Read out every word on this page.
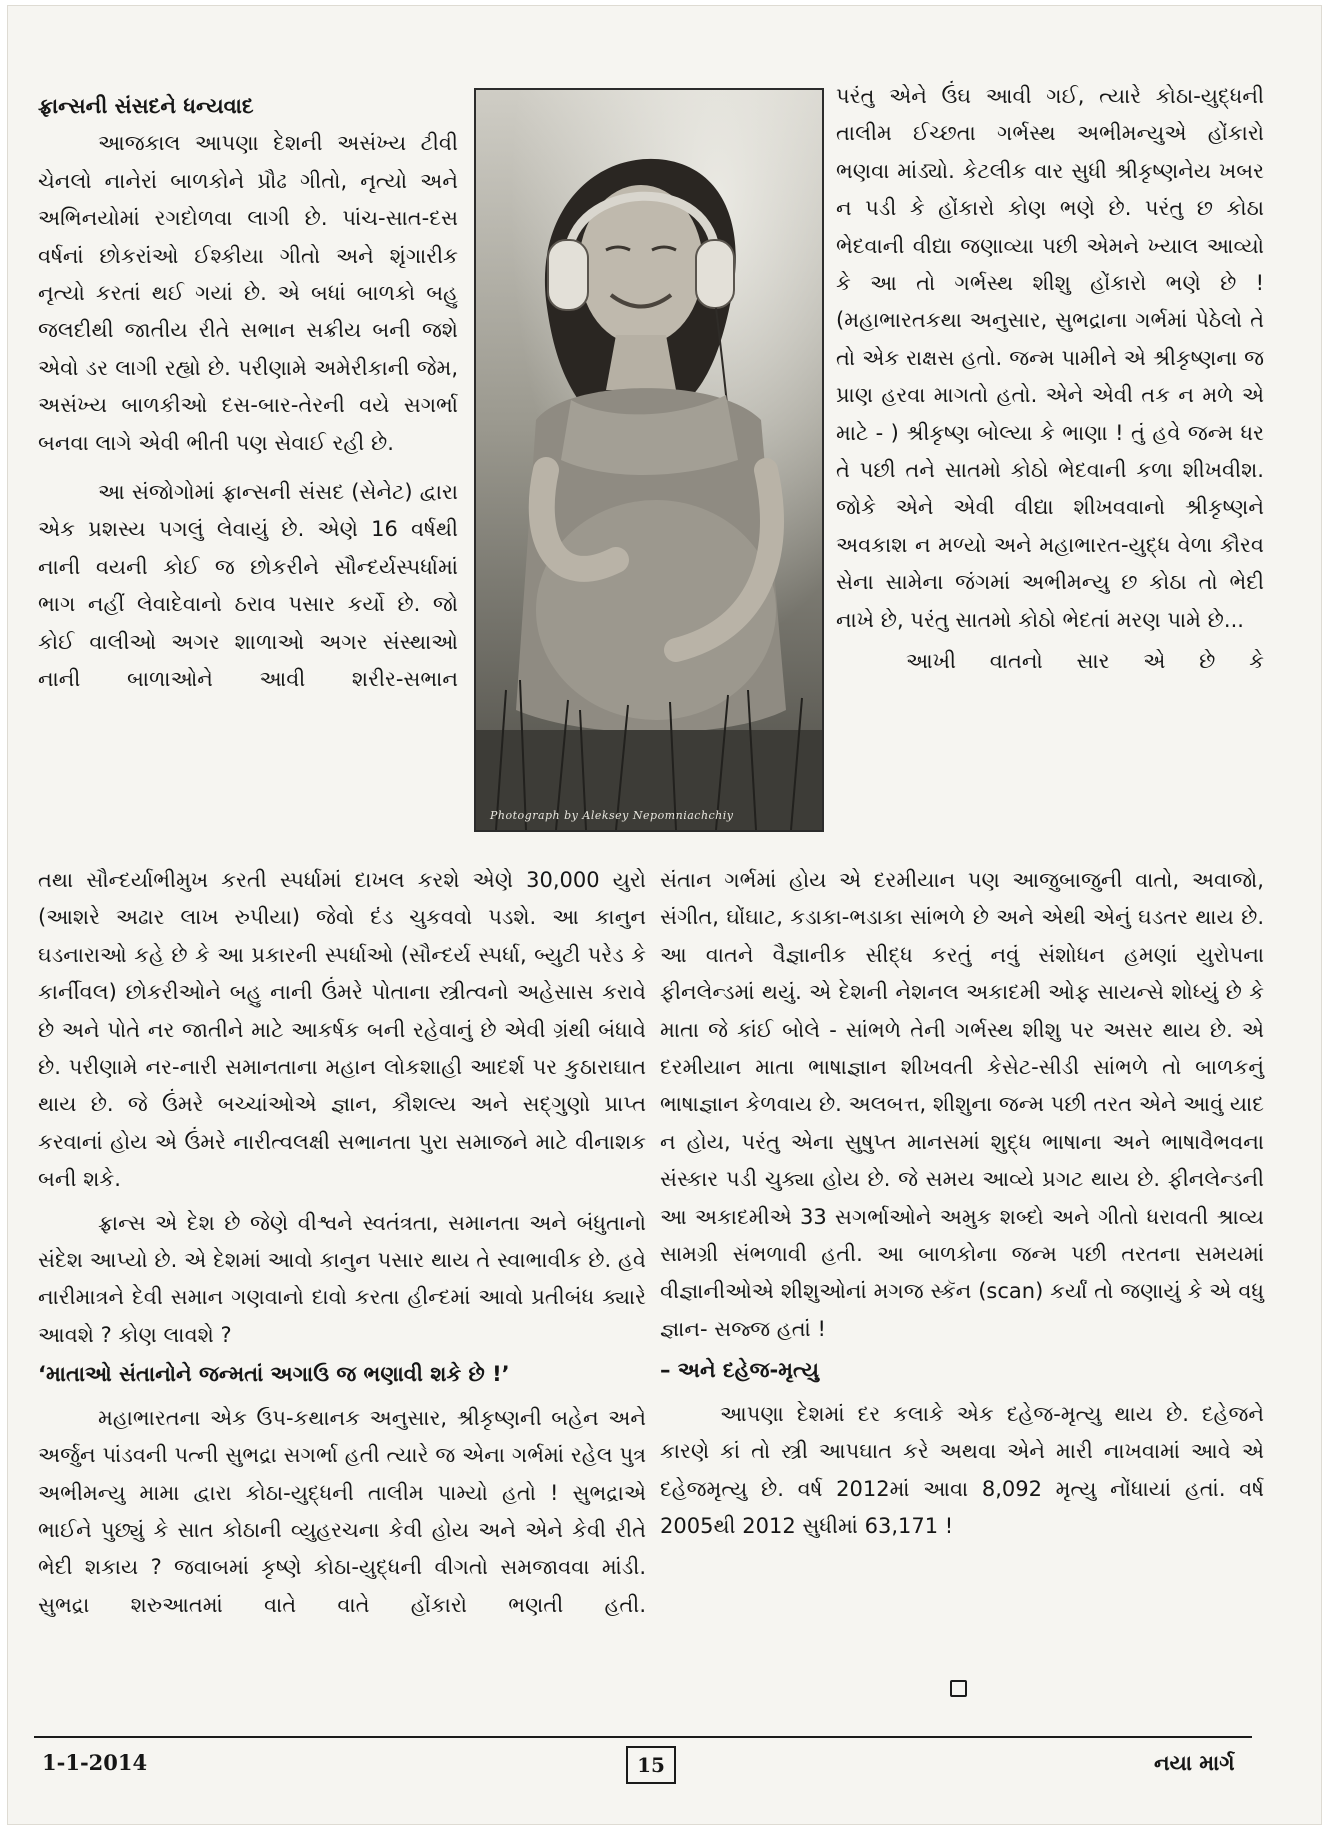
ફ્રાન્સની સંસદને ધન્યવાદ

આજકાલ આપણા દેશની અસંખ્ય ટીવી ચેનલો નાનેરાં બાળકોને પ્રૌઢ ગીતો, નૃત્યો અને અભિનયોમાં રગદોળવા લાગી છે. પાંચ-સાત-દસ વર્ષનાં છોકરાંઓ ઈશ્કીયા ગીતો અને શૃંગારીક નૃત્યો કરતાં થઈ ગયાં છે. એ બધાં બાળકો બહુ જલદીથી જાતીય રીતે સભાન સક્રીય બની જશે એવો ડર લાગી રહ્યો છે. પરીણામે અમેરીકાની જેમ, અસંખ્ય બાળકીઓ દસ-બાર-તેરની વયે સગર્ભા બનવા લાગે એવી ભીતી પણ સેવાઈ રહી છે.

આ સંજોગોમાં ફ્રાન્સની સંસદ (સેનેટ) દ્વારા એક પ્રશસ્ય પગલું લેવાયું છે. એણે 16 વર્ષથી નાની વયની કોઈ જ છોકરીને સૌન્દર્યસ્પર્ધામાં ભાગ નહીં લેવાદેવાનો ઠરાવ પસાર કર્યો છે. જો કોઈ વાલીઓ અગર શાળાઓ અગર સંસ્થાઓ નાની બાળાઓને આવી શરીર-સભાન

Photograph by Aleksey Nepomniachchiy

પરંતુ એને ઉંઘ આવી ગઈ, ત્યારે કોઠા-યુદ્ધની તાલીમ ઈચ્છતા ગર્ભસ્થ અભીમન્યુએ હોંકારો ભણવા માંડ્યો. કેટલીક વાર સુધી શ્રીકૃષ્ણનેય ખબર ન પડી કે હોંકારો કોણ ભણે છે. પરંતુ છ કોઠા ભેદવાની વીદ્યા જણાવ્યા પછી એમને ખ્યાલ આવ્યો કે આ તો ગર્ભસ્થ શીશુ હોંકારો ભણે છે ! (મહાભારતકથા અનુસાર, સુભદ્રાના ગર્ભમાં પેઠેલો તે તો એક રાક્ષસ હતો. જન્મ પામીને એ શ્રીકૃષ્ણના જ પ્રાણ હરવા માગતો હતો. એને એવી તક ન મળે એ માટે - ) શ્રીકૃષ્ણ બોલ્યા કે ભાણા ! તું હવે જન્મ ધર તે પછી તને સાતમો કોઠો ભેદવાની કળા શીખવીશ. જોકે એને એવી વીદ્યા શીખવવાનો શ્રીકૃષ્ણને અવકાશ ન મળ્યો અને મહાભારત-યુદ્ધ વેળા કૌરવ સેના સામેના જંગમાં અભીમન્યુ છ કોઠા તો ભેદી નાખે છે, પરંતુ સાતમો કોઠો ભેદતાં મરણ પામે છે...

આખી વાતનો સાર એ છે કે

તથા સૌન્દર્યાભીમુખ કરતી સ્પર્ધામાં દાખલ કરશે એણે 30,000 યુરો (આશરે અઢાર લાખ રુપીયા) જેવો દંડ ચુકવવો પડશે. આ કાનુન ઘડનારાઓ કહે છે કે આ પ્રકારની સ્પર્ધાઓ (સૌન્દર્ય સ્પર્ધા, બ્યુટી પરેડ કે કાર્નીવલ) છોકરીઓને બહુ નાની ઉંમરે પોતાના સ્ત્રીત્વનો અહેસાસ કરાવે છે અને પોતે નર જાતીને માટે આકર્ષક બની રહેવાનું છે એવી ગ્રંથી બંધાવે છે. પરીણામે નર-નારી સમાનતાના મહાન લોકશાહી આદર્શ પર કુઠારાઘાત થાય છે. જે ઉંમરે બચ્ચાંઓએ જ્ઞાન, કૌશલ્ય અને સદ્ગુણો પ્રાપ્ત કરવાનાં હોય એ ઉંમરે નારીત્વલક્ષી સભાનતા પુરા સમાજને માટે વીનાશક બની શકે.

ફ્રાન્સ એ દેશ છે જેણે વીશ્વને સ્વતંત્રતા, સમાનતા અને બંધુતાનો સંદેશ આપ્યો છે. એ દેશમાં આવો કાનુન પસાર થાય તે સ્વાભાવીક છે. હવે નારીમાત્રને દેવી સમાન ગણવાનો દાવો કરતા હીન્દમાં આવો પ્રતીબંધ ક્યારે આવશે ? કોણ લાવશે ?

‘માતાઓ સંતાનોને જન્મતાં અગાઉ જ ભણાવી શકે છે !’

મહાભારતના એક ઉપ-કથાનક અનુસાર, શ્રીકૃષ્ણની બહેન અને અર્જુન પાંડવની પત્ની સુભદ્રા સગર્ભા હતી ત્યારે જ એના ગર્ભમાં રહેલ પુત્ર અભીમન્યુ મામા દ્વારા કોઠા-યુદ્ધની તાલીમ પામ્યો હતો ! સુભદ્રાએ ભાઈને પુછ્યું કે સાત કોઠાની વ્યુહરચના કેવી હોય અને એને કેવી રીતે ભેદી શકાય ? જવાબમાં કૃષ્ણે કોઠા-યુદ્ધની વીગતો સમજાવવા માંડી. સુભદ્રા શરુઆતમાં વાતે વાતે હોંકારો ભણતી હતી.

સંતાન ગર્ભમાં હોય એ દરમીયાન પણ આજુબાજુની વાતો, અવાજો, સંગીત, ઘોંઘાટ, કડાકા-ભડાકા સાંભળે છે અને એથી એનું ઘડતર થાય છે. આ વાતને વૈજ્ઞાનીક સીદ્ધ કરતું નવું સંશોધન હમણાં યુરોપના ફીનલેન્ડમાં થયું. એ દેશની નેશનલ અકાદમી ઓફ સાયન્સે શોધ્યું છે કે માતા જે કાંઈ બોલે - સાંભળે તેની ગર્ભસ્થ શીશુ પર અસર થાય છે. એ દરમીયાન માતા ભાષાજ્ઞાન શીખવતી કેસેટ-સીડી સાંભળે તો બાળકનું ભાષાજ્ઞાન કેળવાય છે. અલબત્ત, શીશુના જન્મ પછી તરત એને આવું યાદ ન હોય, પરંતુ એના સુષુપ્ત માનસમાં શુદ્ધ ભાષાના અને ભાષાવૈભવના સંસ્કાર પડી ચુક્યા હોય છે. જે સમય આવ્યે પ્રગટ થાય છે. ફીનલેન્ડની આ અકાદમીએ 33 સગર્ભાઓને અમુક શબ્દો અને ગીતો ધરાવતી શ્રાવ્ય સામગ્રી સંભળાવી હતી. આ બાળકોના જન્મ પછી તરતના સમયમાં વીજ્ઞાનીઓએ શીશુઓનાં મગજ સ્કૅન (scan) કર્યાં તો જણાયું કે એ વધુ જ્ઞાન- સજ્જ હતાં !

– અને દહેજ-મૃત્યુ

આપણા દેશમાં દર કલાકે એક દહેજ-મૃત્યુ થાય છે. દહેજને કારણે કાં તો સ્ત્રી આપઘાત કરે અથવા એને મારી નાખવામાં આવે એ દહેજમૃત્યુ છે. વર્ષ 2012માં આવા 8,092 મૃત્યુ નોંધાયાં હતાં. વર્ષ 2005થી 2012 સુધીમાં 63,171 !

1-1-2014	15	નયા માર્ગ
